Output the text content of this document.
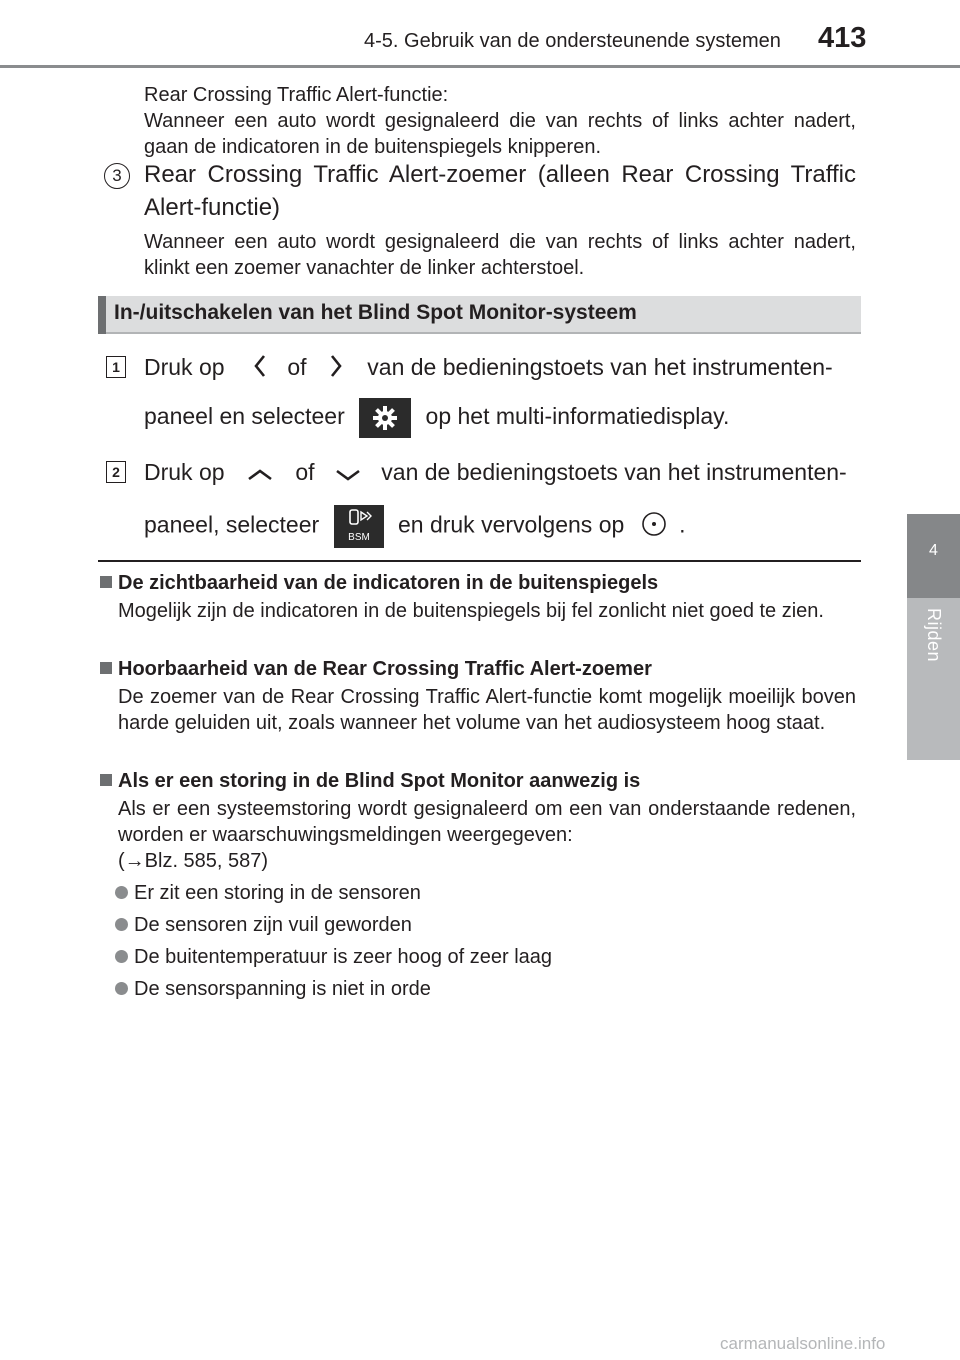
4-5. Gebruik van de ondersteunende systemen 413
4
Rijden
Rear Crossing Traffic Alert-functie:
Wanneer een auto wordt gesignaleerd die van rechts of links achter nadert, gaan de indicatoren in de buitenspiegels knipperen.
3 Rear Crossing Traffic Alert-zoemer (alleen Rear Crossing Traffic Alert-functie)
Wanneer een auto wordt gesignaleerd die van rechts of links achter nadert, klinkt een zoemer vanachter de linker achterstoel.
In-/uitschakelen van het Blind Spot Monitor-systeem
1 Druk op	of	van de bedieningstoets van het instrumenten-
paneel en selecteer	op het multi-informatiedisplay.
2 Druk op	of	van de bedieningstoets van het instrumenten-
paneel, selecteer	BSM en druk vervolgens op .
De zichtbaarheid van de indicatoren in de buitenspiegels
Mogelijk zijn de indicatoren in de buitenspiegels bij fel zonlicht niet goed te zien.
Hoorbaarheid van de Rear Crossing Traffic Alert-zoemer
De zoemer van de Rear Crossing Traffic Alert-functie komt mogelijk moeilijk boven harde geluiden uit, zoals wanneer het volume van het audiosysteem hoog staat.
Als er een storing in de Blind Spot Monitor aanwezig is
Als er een systeemstoring wordt gesignaleerd om een van onderstaande redenen, worden er waarschuwingsmeldingen weergegeven:
(→Blz. 585, 587)
Er zit een storing in de sensoren
De sensoren zijn vuil geworden
De buitentemperatuur is zeer hoog of zeer laag
De sensorspanning is niet in orde
carmanualsonline.info
